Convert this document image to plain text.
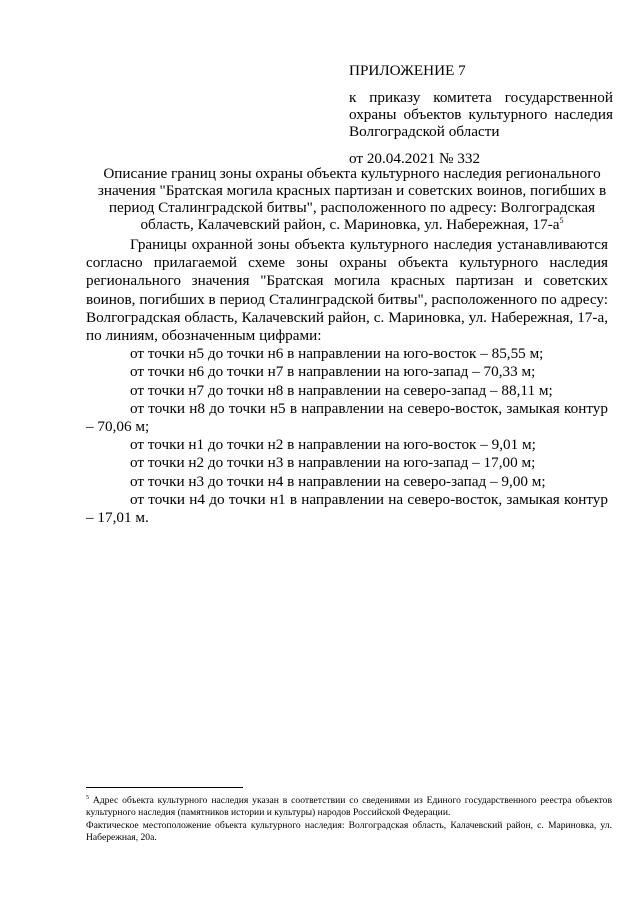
ПРИЛОЖЕНИЕ 7

к приказу комитета государственной охраны объектов культурного наследия Волгоградской области

от 20.04.2021 № 332

Описание границ зоны охраны объекта культурного наследия регионального значения "Братская могила красных партизан и советских воинов, погибших в период Сталинградской битвы", расположенного по адресу: Волгоградская область, Калачевский район, с. Мариновка, ул. Набережная, $17-а^5$

Границы охранной зоны объекта культурного наследия устанавливаются согласно прилагаемой схеме зоны охраны объекта культурного наследия регионального значения "Братская могила красных партизан и советских воинов, погибших в период Сталинградской битвы", расположенного по адресу: Волгоградская область, Калачевский район, с. Мариновка, ул. Набережная, 17-а, по линиям, обозначенным цифрами:

от точки н5 до точки н6 в направлении на юго-восток – 85,55 м;

от точки н6 до точки н7 в направлении на юго-запад – 70,33 м;

от точки н7 до точки н8 в направлении на северо-запад – 88,11 м;

от точки н8 до точки н5 в направлении на северо-восток, замыкая контур – 70,06 м;

от точки н1 до точки н2 в направлении на юго-восток – 9,01 м;

от точки н2 до точки н3 в направлении на юго-запад – 17,00 м;

от точки н3 до точки н4 в направлении на северо-запад – 9,00 м;

от точки н4 до точки н1 в направлении на северо-восток, замыкая контур – 17,01 м.

$^5$ Адрес объекта культурного наследия указан в соответствии со сведениями из Единого государственного реестра объектов культурного наследия (памятников истории и культуры) народов Российской Федерации.

Фактическое местоположение объекта культурного наследия: Волгоградская область, Калачевский район, с. Мариновка, ул. Набережная, 20а.
